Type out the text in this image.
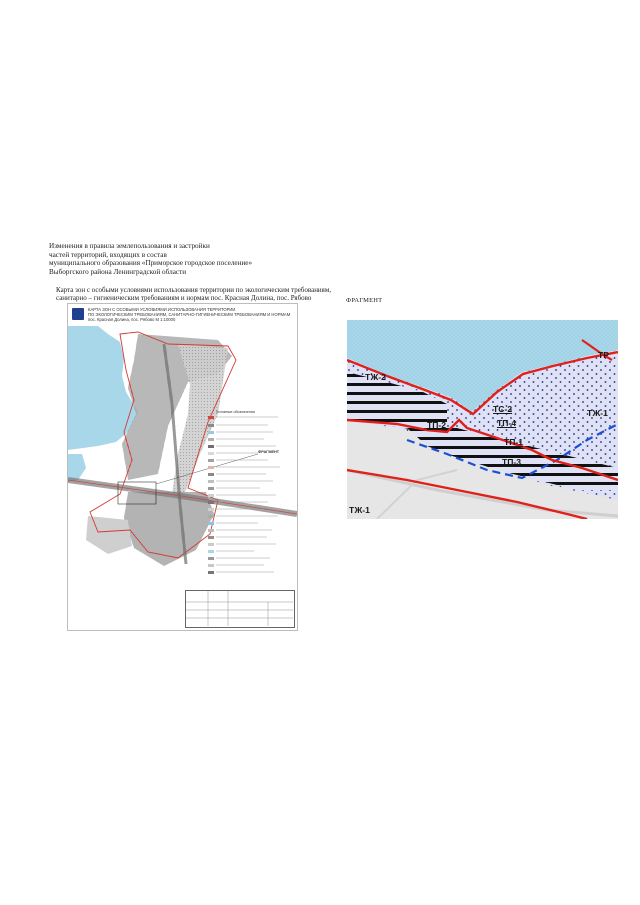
Изменения в правила землепользования и застройки
частей территорий, входящих в состав
муниципального образования «Приморское городское поселение»
Выборгского района Ленинградской области
Карта зон с особыми условиями использования территории по экологическим требованиям,
санитарно – гигиеническим требованиям и нормам пос. Красная Долина, пос. Рябово	ФРАГМЕНТ
КАРТА ЗОН С ОСОБЫМИ УСЛОВИЯМИ ИСПОЛЬЗОВАНИЯ ТЕРРИТОРИИ
ПО ЭКОЛОГИЧЕСКИМ ТРЕБОВАНИЯМ, САНИТАРНО-ГИГИЕНИЧЕСКИМ ТРЕБОВАНИЯМ И НОРМАМ
пос. Красная Долина, пос. Рябово М 1:10000
Условные обозначения
ФРАГМЕНТ
ТЖ-2
ТЖ-1
ТС-2
ТП-2	ТП-4
ТП-1
ТП-3
ТЖ-1
ТР
